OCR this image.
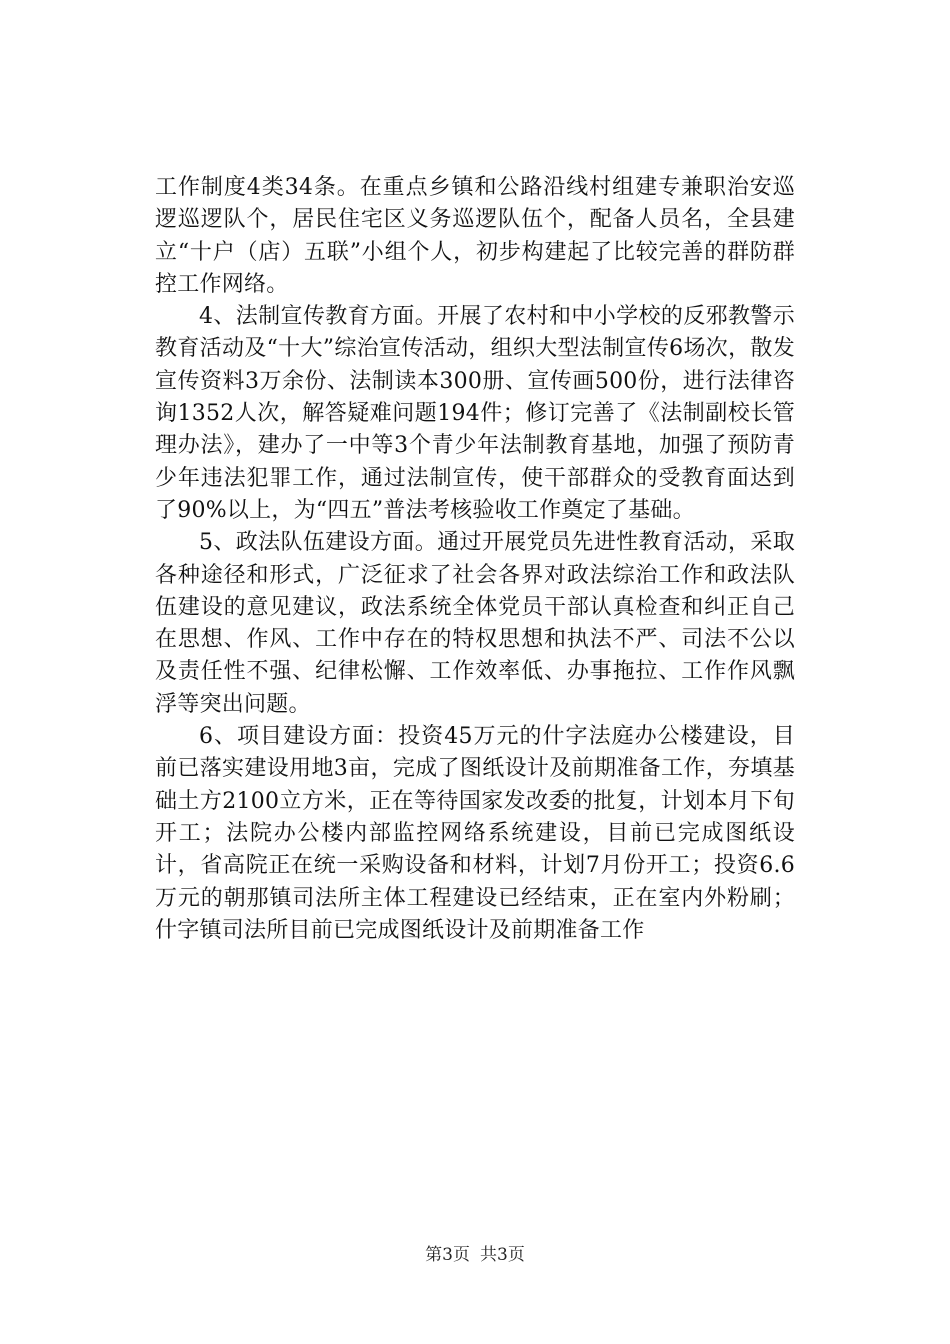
工作制度4类34条。在重点乡镇和公路沿线村组建专兼职治安巡逻巡逻队个，居民住宅区义务巡逻队伍个，配备人员名，全县建立“十户（店）五联”小组个人，初步构建起了比较完善的群防群控工作网络。

4、法制宣传教育方面。开展了农村和中小学校的反邪教警示教育活动及“十大”综治宣传活动，组织大型法制宣传6场次，散发宣传资料3万余份、法制读本300册、宣传画500份，进行法律咨询1352人次，解答疑难问题194件；修订完善了《法制副校长管理办法》，建办了一中等3个青少年法制教育基地，加强了预防青少年违法犯罪工作，通过法制宣传，使干部群众的受教育面达到了90%以上，为“四五”普法考核验收工作奠定了基础。

5、政法队伍建设方面。通过开展党员先进性教育活动，采取各种途径和形式，广泛征求了社会各界对政法综治工作和政法队伍建设的意见建议，政法系统全体党员干部认真检查和纠正自己在思想、作风、工作中存在的特权思想和执法不严、司法不公以及责任性不强、纪律松懈、工作效率低、办事拖拉、工作作风飘浮等突出问题。

6、项目建设方面：投资45万元的什字法庭办公楼建设，目前已落实建设用地3亩，完成了图纸设计及前期准备工作，夯填基础土方2100立方米，正在等待国家发改委的批复，计划本月下旬开工；法院办公楼内部监控网络系统建设，目前已完成图纸设计，省高院正在统一采购设备和材料，计划7月份开工；投资6.6万元的朝那镇司法所主体工程建设已经结束，正在室内外粉刷；什字镇司法所目前已完成图纸设计及前期准备工作

第3页 共3页
